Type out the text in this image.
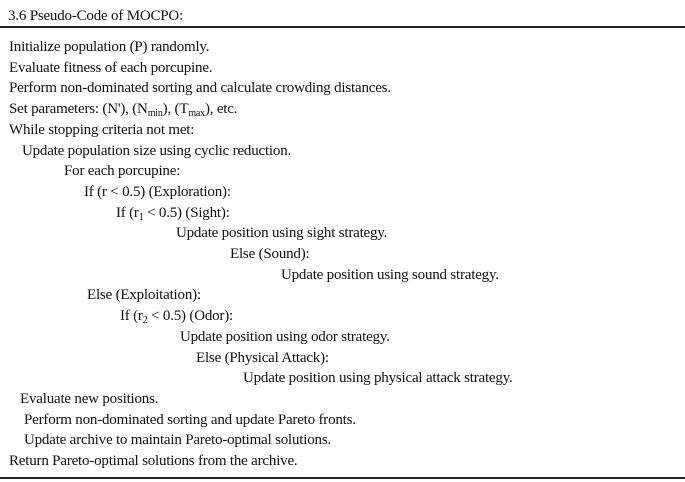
3.6 Pseudo-Code of MOCPO:
Initialize population (P) randomly.
Evaluate fitness of each porcupine.
Perform non-dominated sorting and calculate crowding distances.
Set parameters: (N'), $(N_{min})$, $(T_{max})$, etc.
While stopping criteria not met:
Update population size using cyclic reduction.
For each porcupine:
If (r < 0.5) (Exploration):
If $(r_1 < 0.5)$ (Sight):
Update position using sight strategy.
Else (Sound):
Update position using sound strategy.
Else (Exploitation):
If $(r_2 < 0.5)$ (Odor):
Update position using odor strategy.
Else (Physical Attack):
Update position using physical attack strategy.
Evaluate new positions.
Perform non-dominated sorting and update Pareto fronts.
Update archive to maintain Pareto-optimal solutions.
Return Pareto-optimal solutions from the archive.
